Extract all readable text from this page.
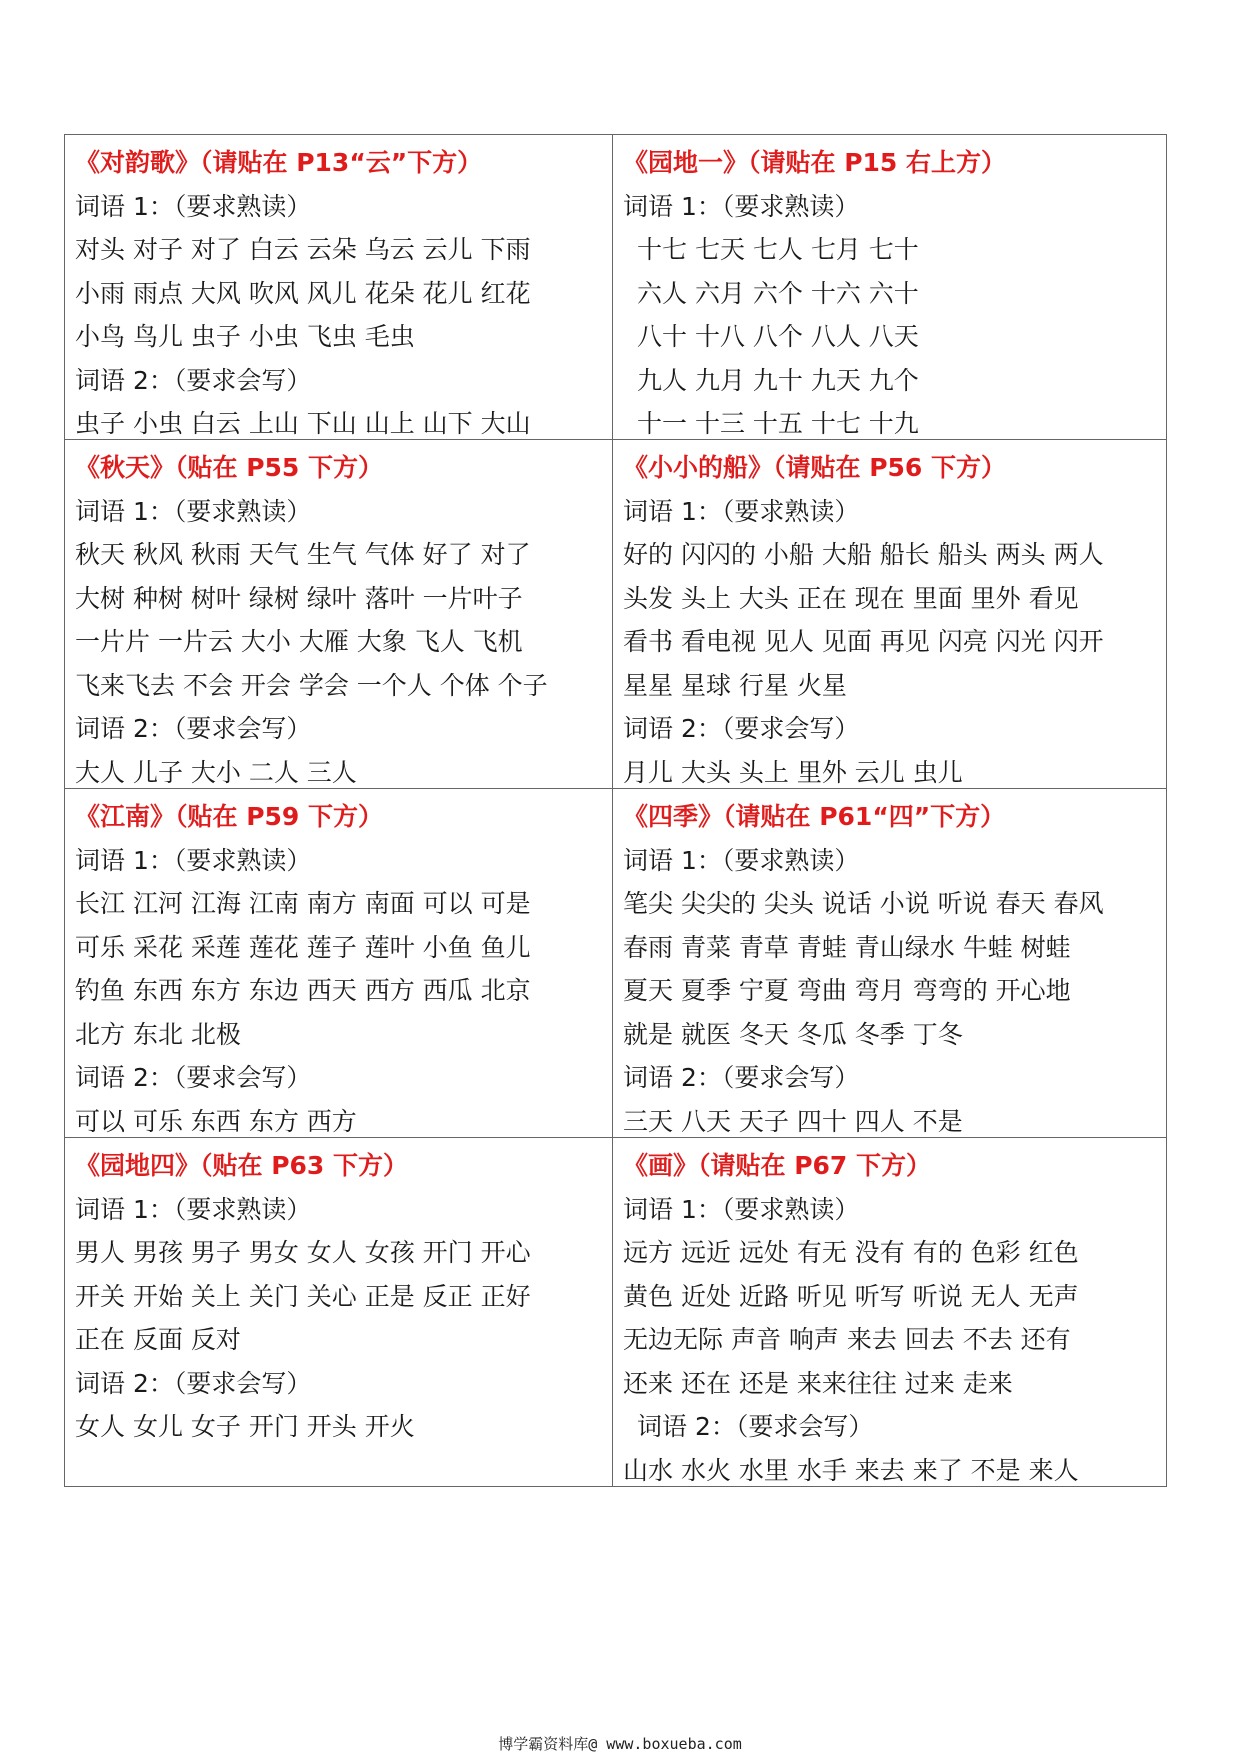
《对韵歌》（请贴在 P13“云”下方）
词语 1：（要求熟读）
对头 对子 对了 白云 云朵 乌云 云儿 下雨
小雨 雨点 大风 吹风 风儿 花朵 花儿 红花
小鸟 鸟儿 虫子 小虫 飞虫 毛虫
词语 2：（要求会写）
虫子 小虫 白云 上山 下山 山上 山下 大山
《园地一》（请贴在 P15 右上方）
词语 1：（要求熟读）
十七 七天 七人 七月 七十
六人 六月 六个 十六 六十
八十 十八 八个 八人 八天
九人 九月 九十 九天 九个
十一 十三 十五 十七 十九
《秋天》（贴在 P55 下方）
词语 1：（要求熟读）
秋天 秋风 秋雨 天气 生气 气体 好了 对了
大树 种树 树叶 绿树 绿叶 落叶 一片叶子
一片片 一片云 大小 大雁 大象 飞人 飞机
飞来飞去 不会 开会 学会 一个人 个体 个子
词语 2：（要求会写）
大人 儿子 大小 二人 三人
《小小的船》（请贴在 P56 下方）
词语 1：（要求熟读）
好的 闪闪的 小船 大船 船长 船头 两头 两人
头发 头上 大头 正在 现在 里面 里外 看见
看书 看电视 见人 见面 再见 闪亮 闪光 闪开
星星 星球 行星 火星
词语 2：（要求会写）
月儿 大头 头上 里外 云儿 虫儿
《江南》（贴在 P59 下方）
词语 1：（要求熟读）
长江 江河 江海 江南 南方 南面 可以 可是
可乐 采花 采莲 莲花 莲子 莲叶 小鱼 鱼儿
钓鱼 东西 东方 东边 西天 西方 西瓜 北京
北方 东北 北极
词语 2：（要求会写）
可以 可乐 东西 东方 西方
《四季》（请贴在 P61“四”下方）
词语 1：（要求熟读）
笔尖 尖尖的 尖头 说话 小说 听说 春天 春风
春雨 青菜 青草 青蛙 青山绿水 牛蛙 树蛙
夏天 夏季 宁夏 弯曲 弯月 弯弯的 开心地
就是 就医 冬天 冬瓜 冬季 丁冬
词语 2：（要求会写）
三天 八天 天子 四十 四人 不是
《园地四》（贴在 P63 下方）
词语 1：（要求熟读）
男人 男孩 男子 男女 女人 女孩 开门 开心
开关 开始 关上 关门 关心 正是 反正 正好
正在 反面 反对
词语 2：（要求会写）
女人 女儿 女子 开门 开头 开火
《画》（请贴在 P67 下方）
词语 1：（要求熟读）
远方 远近 远处 有无 没有 有的 色彩 红色
黄色 近处 近路 听见 听写 听说 无人 无声
无边无际 声音 响声 来去 回去 不去 还有
还来 还在 还是 来来往往 过来 走来
词语 2：（要求会写）
山水 水火 水里 水手 来去 来了 不是 来人
博学霸资料库@ www.boxueba.com
